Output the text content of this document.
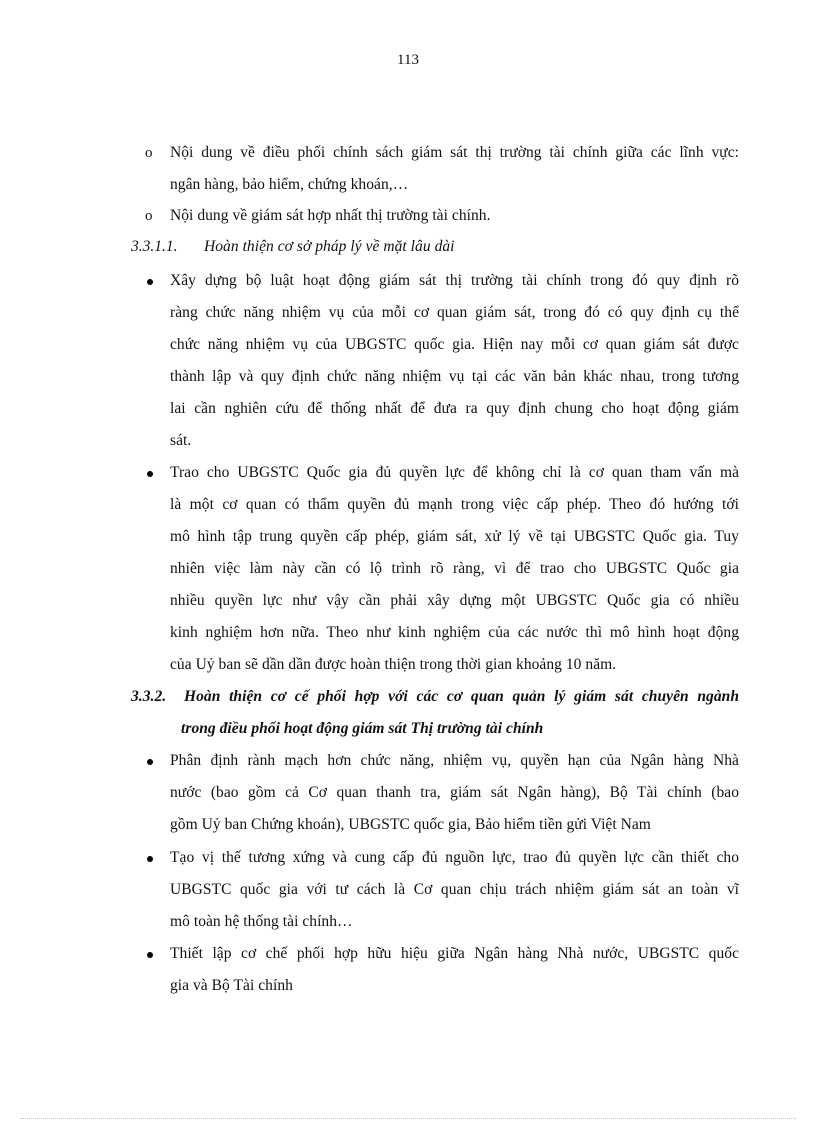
113
o Nội dung về điều phối chính sách giám sát thị trường tài chính giữa các lĩnh vực:
ngân hàng, bảo hiểm, chứng khoán,…
o Nội dung về giám sát hợp nhất thị trường tài chính.
3.3.1.1. Hoàn thiện cơ sở pháp lý về mặt lâu dài
Xây dựng bộ luật hoạt động giám sát thị trường tài chính trong đó quy định rõ
ràng chức năng nhiệm vụ của mỗi cơ quan giám sát, trong đó có quy định cụ thể
chức năng nhiệm vụ của UBGSTC quốc gia. Hiện nay mỗi cơ quan giám sát được
thành lập và quy định chức năng nhiệm vụ tại các văn bản khác nhau, trong tương
lai cần nghiên cứu để thống nhất để đưa ra quy định chung cho hoạt động giám
sát.
Trao cho UBGSTC Quốc gia đủ quyền lực để không chỉ là cơ quan tham vấn mà
là một cơ quan có thẩm quyền đủ mạnh trong việc cấp phép. Theo đó hướng tới
mô hình tập trung quyền cấp phép, giám sát, xử lý về tại UBGSTC Quốc gia. Tuy
nhiên việc làm này cần có lộ trình rõ ràng, vì để trao cho UBGSTC Quốc gia
nhiều quyền lực như vậy cần phải xây dựng một UBGSTC Quốc gia có nhiều
kinh nghiệm hơn nữa. Theo như kinh nghiệm của các nước thì mô hình hoạt động
của Uỷ ban sẽ dần dần được hoàn thiện trong thời gian khoảng 10 năm.
3.3.2. Hoàn thiện cơ cế phối hợp với các cơ quan quản lý giám sát chuyên ngành
trong điều phối hoạt động giám sát Thị trường tài chính
Phân định rành mạch hơn chức năng, nhiệm vụ, quyền hạn của Ngân hàng Nhà
nước (bao gồm cả Cơ quan thanh tra, giám sát Ngân hàng), Bộ Tài chính (bao
gồm Uỷ ban Chứng khoán), UBGSTC quốc gia, Bảo hiểm tiền gửi Việt Nam
Tạo vị thế tương xứng và cung cấp đủ nguồn lực, trao đủ quyền lực cần thiết cho
UBGSTC quốc gia với tư cách là Cơ quan chịu trách nhiệm giám sát an toàn vĩ
mô toàn hệ thống tài chính…
Thiết lập cơ chế phối hợp hữu hiệu giữa Ngân hàng Nhà nước, UBGSTC quốc
gia và Bộ Tài chính
